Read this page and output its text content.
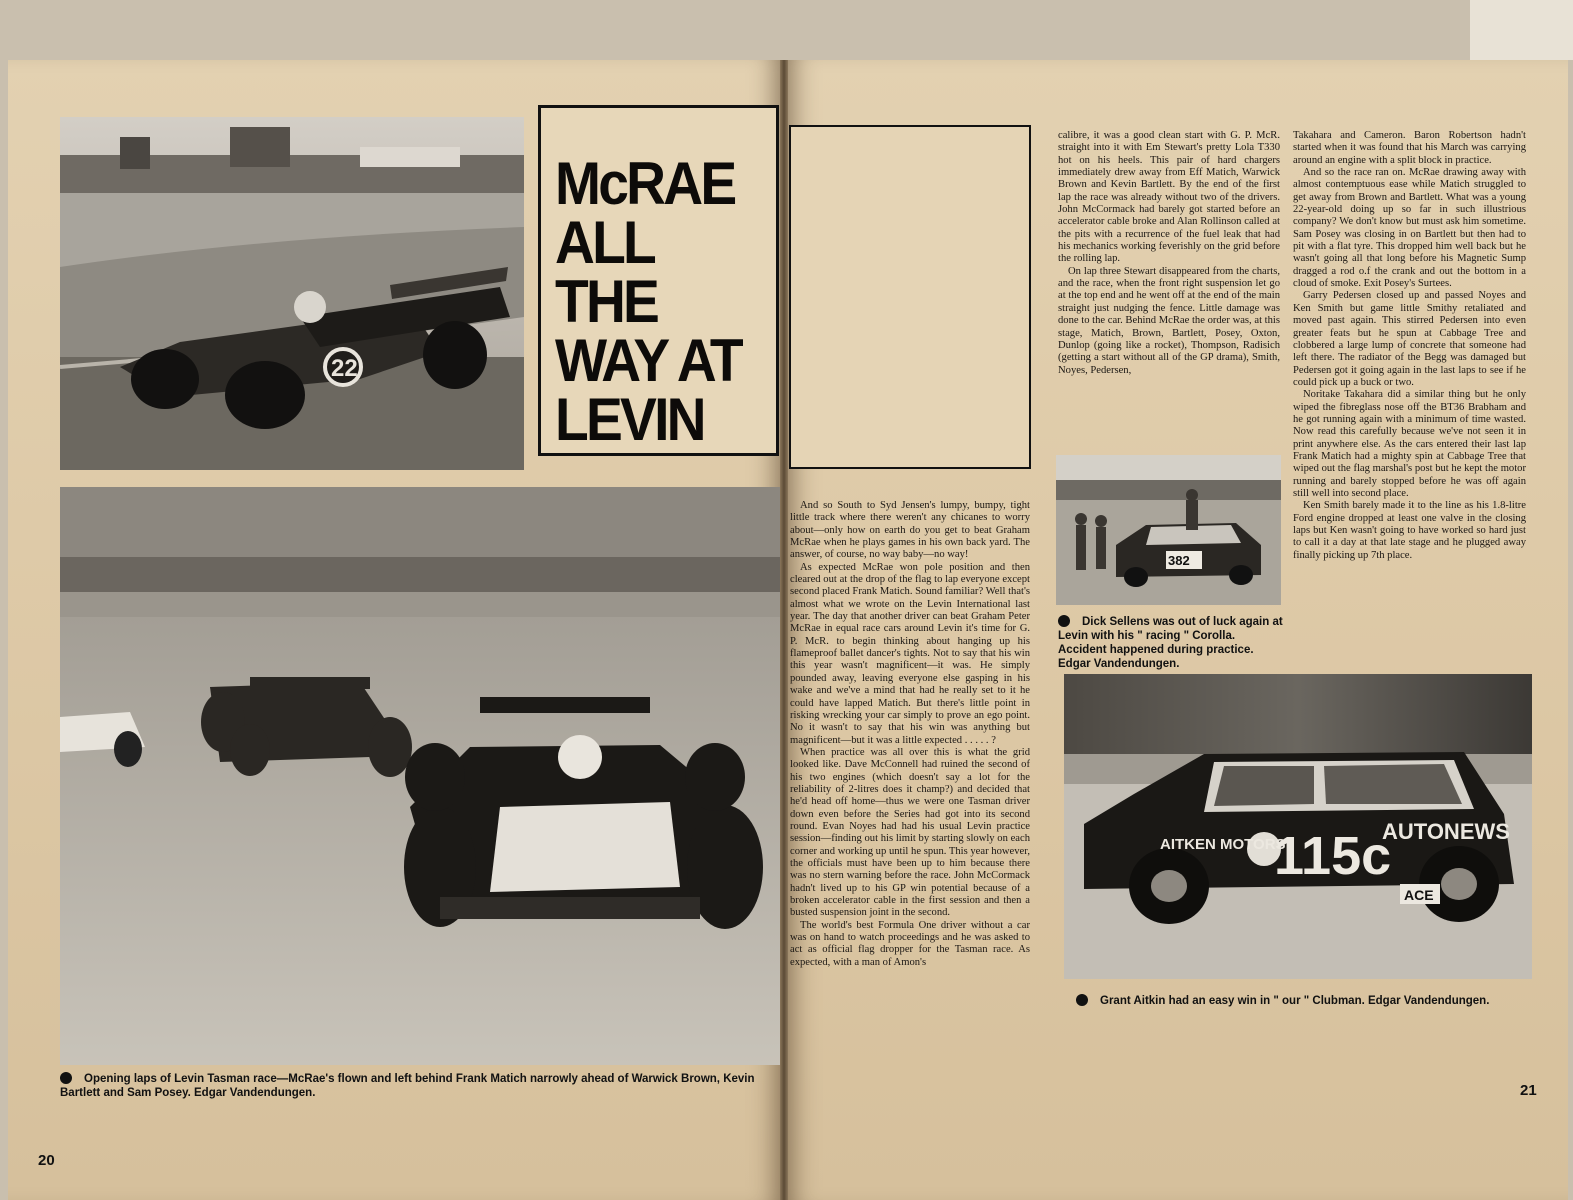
22
McRAE
ALL THE
WAY AT
LEVIN
Opening laps of Levin Tasman race—McRae's flown and left behind Frank Matich narrowly ahead of Warwick Brown, Kevin Bartlett and Sam Posey. Edgar Vandendungen.
20

And so South to Syd Jensen's lumpy, bumpy, tight little track where there weren't any chicanes to worry about—only how on earth do you get to beat Graham McRae when he plays games in his own back yard. The answer, of course, no way baby—no way!

As expected McRae won pole position and then cleared out at the drop of the flag to lap everyone except second placed Frank Matich. Sound familiar? Well that's almost what we wrote on the Levin International last year. The day that another driver can beat Graham Peter McRae in equal race cars around Levin it's time for G. P. McR. to begin thinking about hanging up his flameproof ballet dancer's tights. Not to say that his win this year wasn't magnificent—it was. He simply pounded away, leaving everyone else gasping in his wake and we've a mind that had he really set to it he could have lapped Matich. But there's little point in risking wrecking your car simply to prove an ego point. No it wasn't to say that his win was anything but magnificent—but it was a little expected . . . . . ?

When practice was all over this is what the grid looked like. Dave McConnell had ruined the second of his two engines (which doesn't say a lot for the reliability of 2-litres does it champ?) and decided that he'd head off home—thus we were one Tasman driver down even before the Series had got into its second round. Evan Noyes had had his usual Levin practice session—finding out his limit by starting slowly on each corner and working up until he spun. This year however, the officials must have been up to him because there was no stern warning before the race. John McCormack hadn't lived up to his GP win potential because of a broken accelerator cable in the first session and then a busted suspension joint in the second.

The world's best Formula One driver without a car was on hand to watch proceedings and he was asked to act as official flag dropper for the Tasman race. As expected, with a man of Amon's

calibre, it was a good clean start with G. P. McR. straight into it with Em Stewart's pretty Lola T330 hot on his heels. This pair of hard chargers immediately drew away from Eff Matich, Warwick Brown and Kevin Bartlett. By the end of the first lap the race was already without two of the drivers. John McCormack had barely got started before an accelerator cable broke and Alan Rollinson called at the pits with a recurrence of the fuel leak that had his mechanics working feverishly on the grid before the rolling lap.

On lap three Stewart disappeared from the charts, and the race, when the front right suspension let go at the top end and he went off at the end of the main straight just nudging the fence. Little damage was done to the car. Behind McRae the order was, at this stage, Matich, Brown, Bartlett, Posey, Oxton, Dunlop (going like a rocket), Thompson, Radisich (getting a start without all of the GP drama), Smith, Noyes, Pedersen,

382
Dick Sellens was out of luck again at Levin with his " racing " Corolla. Accident happened during practice. Edgar Vandendungen.

Takahara and Cameron. Baron Robertson hadn't started when it was found that his March was carrying around an engine with a split block in practice.

And so the race ran on. McRae drawing away with almost contemptuous ease while Matich struggled to get away from Brown and Bartlett. What was a young 22-year-old doing up so far in such illustrious company? We don't know but must ask him sometime. Sam Posey was closing in on Bartlett but then had to pit with a flat tyre. This dropped him well back but he wasn't going all that long before his Magnetic Sump dragged a rod o.f the crank and out the bottom in a cloud of smoke. Exit Posey's Surtees.

Garry Pedersen closed up and passed Noyes and Ken Smith but game little Smithy retaliated and moved past again. This stirred Pedersen into even greater feats but he spun at Cabbage Tree and clobbered a large lump of concrete that someone had left there. The radiator of the Begg was damaged but Pedersen got it going again in the last laps to see if he could pick up a buck or two.

Noritake Takahara did a similar thing but he only wiped the fibreglass nose off the BT36 Brabham and he got running again with a minimum of time wasted. Now read this carefully because we've not seen it in print anywhere else. As the cars entered their last lap Frank Matich had a mighty spin at Cabbage Tree that wiped out the flag marshal's post but he kept the motor running and barely stopped before he was off again still well into second place.

Ken Smith barely made it to the line as his 1.8-litre Ford engine dropped at least one valve in the closing laps but Ken wasn't going to have worked so hard just to call it a day at that late stage and he plugged away finally picking up 7th place.

115c
AUTONEWS
AITKEN MOTORS
ACE
Grant Aitkin had an easy win in " our " Clubman. Edgar Vandendungen.
21
